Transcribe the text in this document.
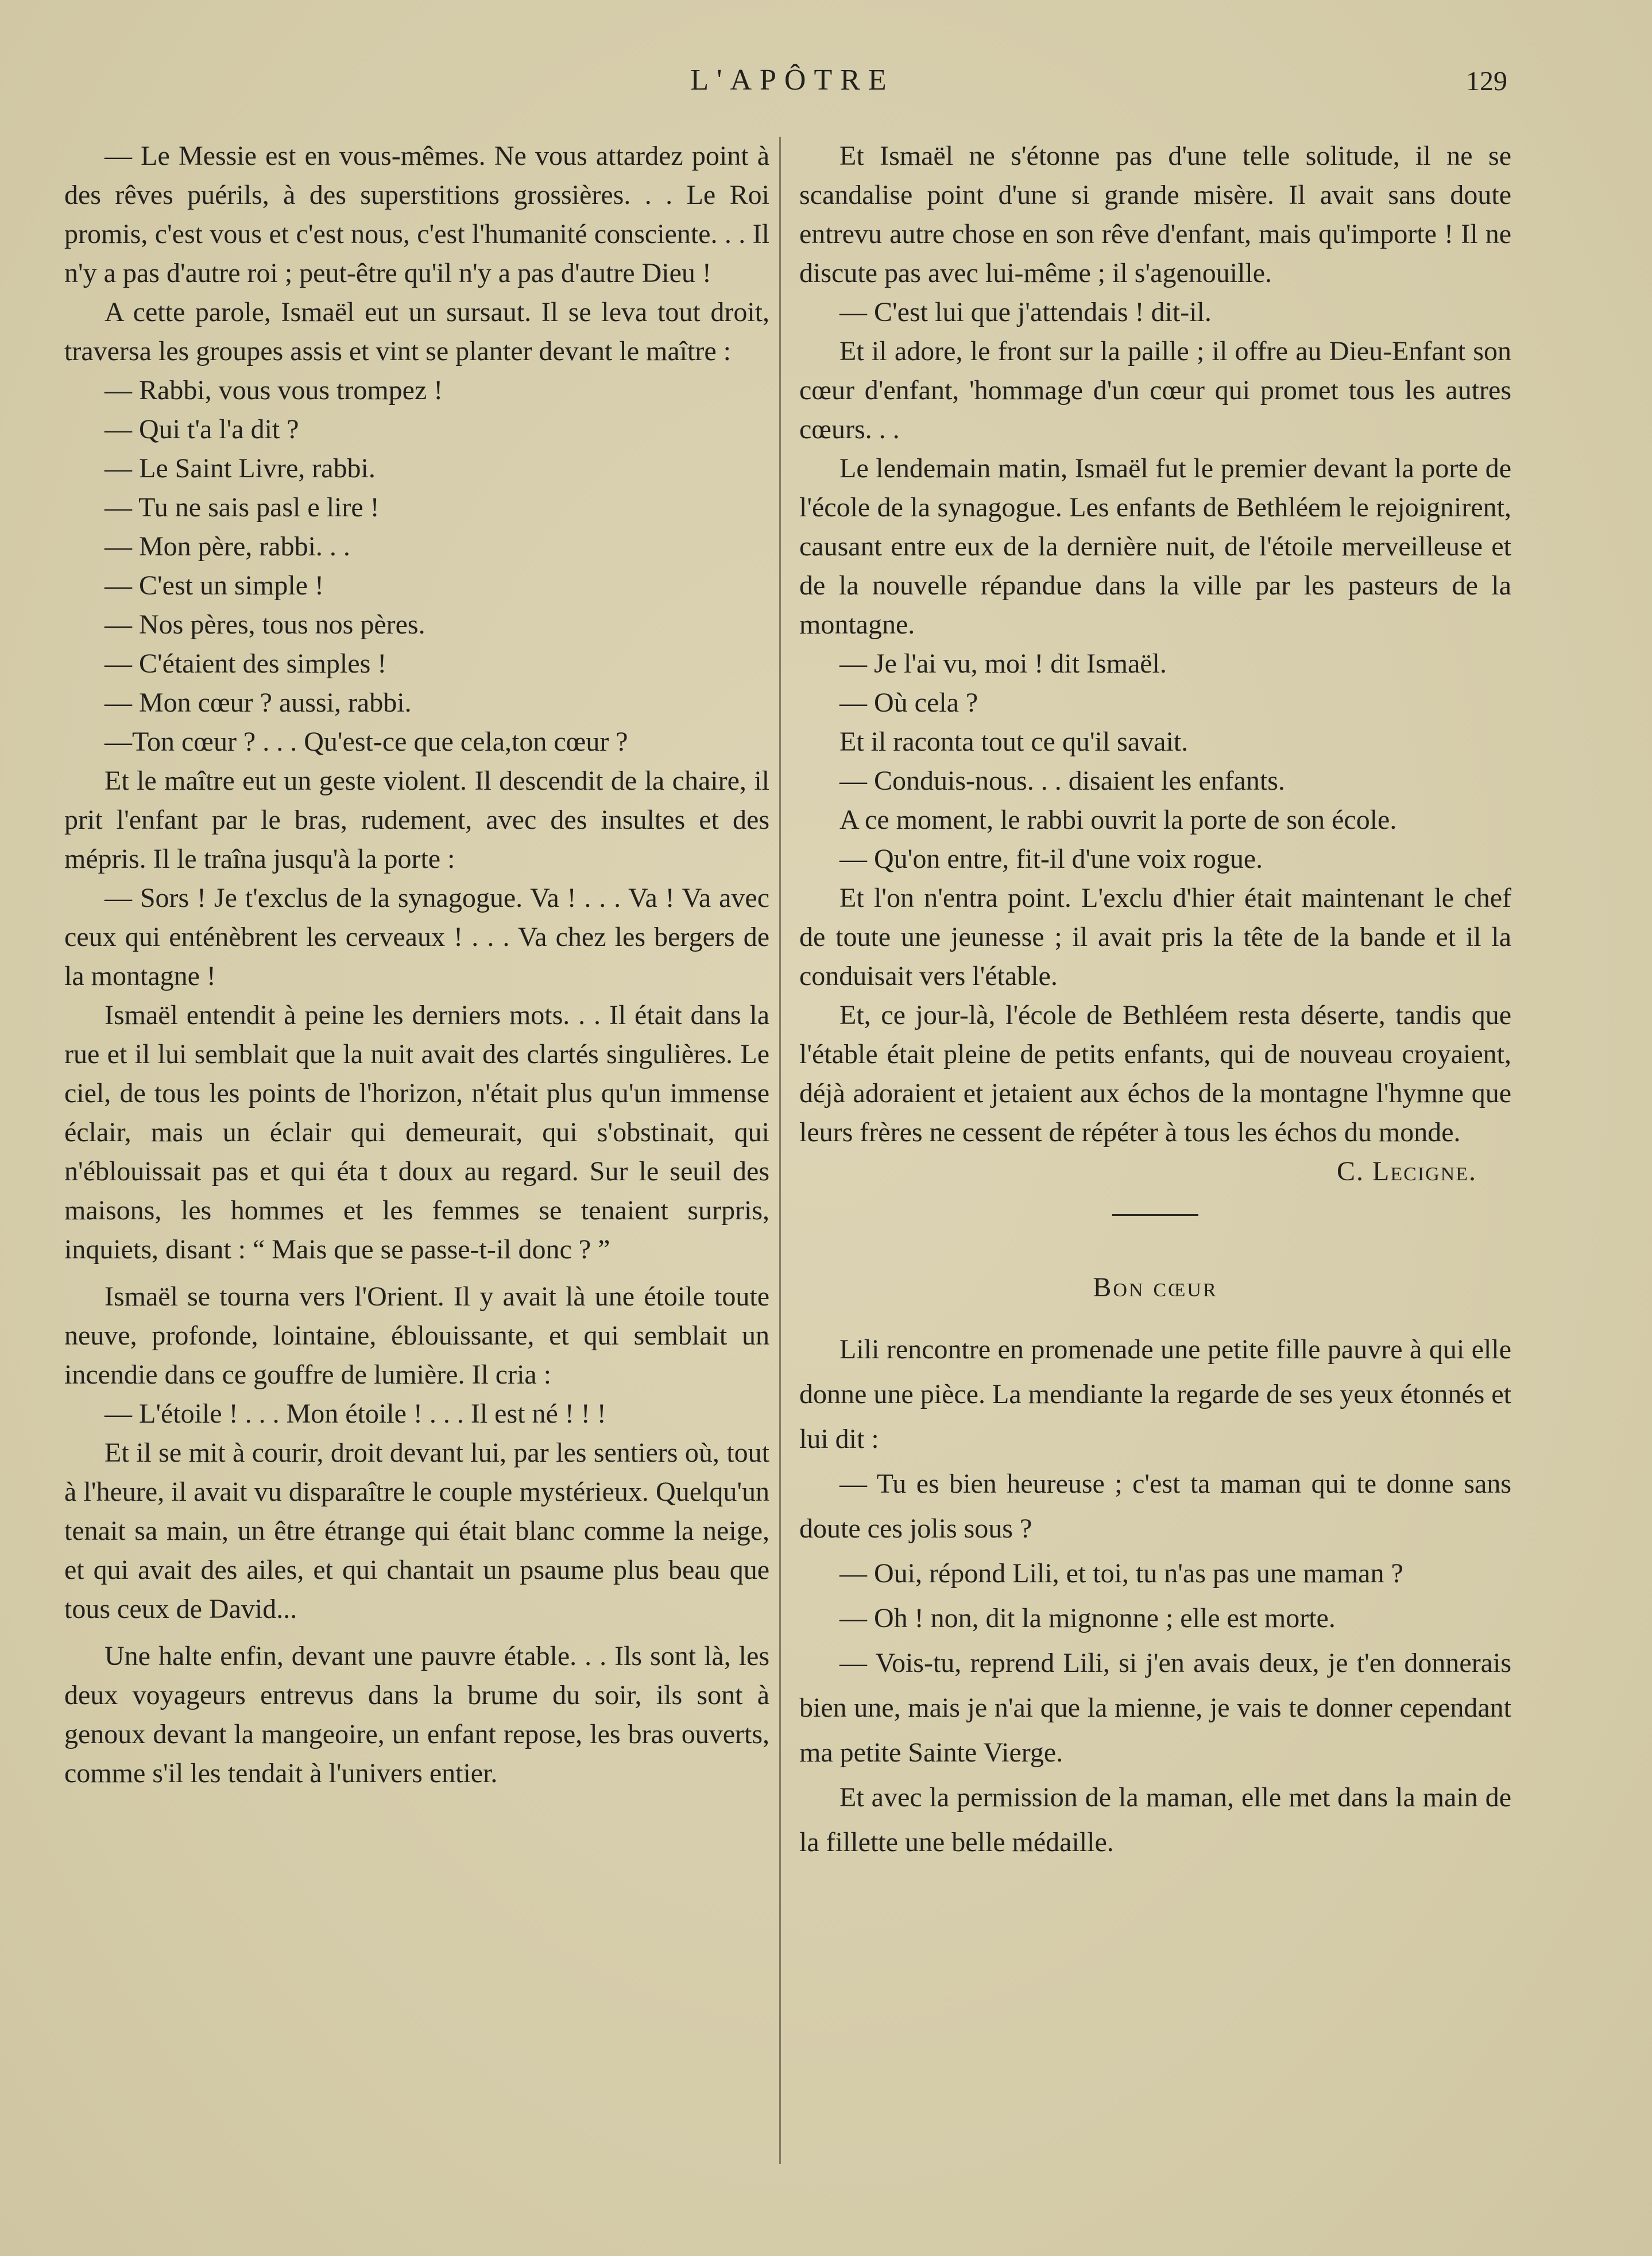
L'APÔTRE	129

— Le Messie est en vous-mêmes. Ne vous attardez point à des rêves puérils, à des superstitions grossières. . . Le Roi promis, c'est vous et c'est nous, c'est l'humanité consciente. . . Il n'y a pas d'autre roi ; peut-être qu'il n'y a pas d'autre Dieu !

A cette parole, Ismaël eut un sursaut. Il se leva tout droit, traversa les groupes assis et vint se planter devant le maître :

— Rabbi, vous vous trompez !

— Qui t'a l'a dit ?

— Le Saint Livre, rabbi.

— Tu ne sais pasl e lire !

— Mon père, rabbi. . .

— C'est un simple !

— Nos pères, tous nos pères.

— C'étaient des simples !

— Mon cœur ? aussi, rabbi.

—Ton cœur ? . . . Qu'est-ce que cela,ton cœur ?

Et le maître eut un geste violent. Il descendit de la chaire, il prit l'enfant par le bras, rudement, avec des insultes et des mépris. Il le traîna jusqu'à la porte :

— Sors ! Je t'exclus de la synagogue. Va ! . . . Va ! Va avec ceux qui enténèbrent les cerveaux ! . . . Va chez les bergers de la montagne !

Ismaël entendit à peine les derniers mots. . . Il était dans la rue et il lui semblait que la nuit avait des clartés singulières. Le ciel, de tous les points de l'horizon, n'était plus qu'un immense éclair, mais un éclair qui demeurait, qui s'obstinait, qui n'éblouissait pas et qui éta t doux au regard. Sur le seuil des maisons, les hommes et les femmes se tenaient surpris, inquiets, disant : “ Mais que se passe-t-il donc ? ”

Ismaël se tourna vers l'Orient. Il y avait là une étoile toute neuve, profonde, lointaine, éblouissante, et qui semblait un incendie dans ce gouffre de lumière. Il cria :

— L'étoile ! . . . Mon étoile ! . . . Il est né ! ! !

Et il se mit à courir, droit devant lui, par les sentiers où, tout à l'heure, il avait vu disparaître le couple mystérieux. Quelqu'un tenait sa main, un être étrange qui était blanc comme la neige, et qui avait des ailes, et qui chantait un psaume plus beau que tous ceux de David...

Une halte enfin, devant une pauvre étable. . . Ils sont là, les deux voyageurs entrevus dans la brume du soir, ils sont à genoux devant la mangeoire, un enfant repose, les bras ouverts, comme s'il les tendait à l'univers entier.

Et Ismaël ne s'étonne pas d'une telle solitude, il ne se scandalise point d'une si grande misère. Il avait sans doute entrevu autre chose en son rêve d'enfant, mais qu'importe ! Il ne discute pas avec lui-même ; il s'agenouille.

— C'est lui que j'attendais ! dit-il.

Et il adore, le front sur la paille ; il offre au Dieu-Enfant son cœur d'enfant, 'hommage d'un cœur qui promet tous les autres cœurs. . .

Le lendemain matin, Ismaël fut le premier devant la porte de l'école de la synagogue. Les enfants de Bethléem le rejoignirent, causant entre eux de la dernière nuit, de l'étoile merveilleuse et de la nouvelle répandue dans la ville par les pasteurs de la montagne.

— Je l'ai vu, moi ! dit Ismaël.

— Où cela ?

Et il raconta tout ce qu'il savait.

— Conduis-nous. . . disaient les enfants.

A ce moment, le rabbi ouvrit la porte de son école.

— Qu'on entre, fit-il d'une voix rogue.

Et l'on n'entra point. L'exclu d'hier était maintenant le chef de toute une jeunesse ; il avait pris la tête de la bande et il la conduisait vers l'étable.

Et, ce jour-là, l'école de Bethléem resta déserte, tandis que l'étable était pleine de petits enfants, qui de nouveau croyaient, déjà adoraient et jetaient aux échos de la montagne l'hymne que leurs frères ne cessent de répéter à tous les échos du monde.

C. Lecigne.

Bon cœur

Lili rencontre en promenade une petite fille pauvre à qui elle donne une pièce. La mendiante la regarde de ses yeux étonnés et lui dit :

— Tu es bien heureuse ; c'est ta maman qui te donne sans doute ces jolis sous ?

— Oui, répond Lili, et toi, tu n'as pas une maman ?

— Oh ! non, dit la mignonne ; elle est morte.

— Vois-tu, reprend Lili, si j'en avais deux, je t'en donnerais bien une, mais je n'ai que la mienne, je vais te donner cependant ma petite Sainte Vierge.

Et avec la permission de la maman, elle met dans la main de la fillette une belle médaille.
